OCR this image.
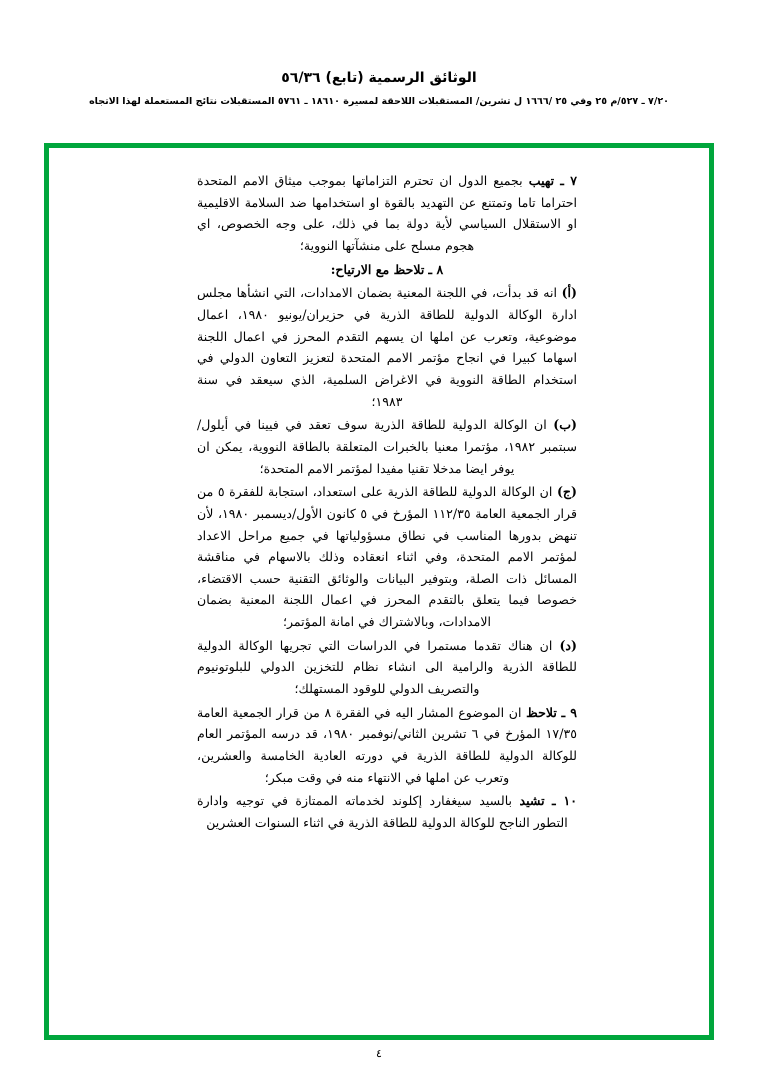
الوثائق الرسمية (تابع) ٥٦/٣٦
٧/٢٠ ـ ٥٢٧/م ٢٥ وفي ٢٥ /١٦٦٦ ل تشرين/ المستقبلات اللاحقة لمسيرة ١٨٦١٠ ـ ٥٧٦١ المستقبلات نتائج المستعملة لهذا الاتجاه

٧ ـ تهيب بجميع الدول ان تحترم التزاماتها بموجب ميثاق الامم المتحدة احتراما تاما وتمتنع عن التهديد بالقوة او استخدامها ضد السلامة الاقليمية او الاستقلال السياسي لأية دولة بما في ذلك، على وجه الخصوص، اي هجوم مسلح على منشآتها النووية؛

٨ ـ تلاحظ مع الارتياح:

(أ) انه قد بدأت، في اللجنة المعنية بضمان الامدادات، التي انشأها مجلس ادارة الوكالة الدولية للطاقة الذرية في حزيران/يونيو ١٩٨٠، اعمال موضوعية، وتعرب عن املها ان يسهم التقدم المحرز في اعمال اللجنة اسهاما كبيرا في انجاح مؤتمر الامم المتحدة لتعزيز التعاون الدولي في استخدام الطاقة النووية في الاغراض السلمية، الذي سيعقد في سنة ١٩٨٣؛

(ب) ان الوكالة الدولية للطاقة الذرية سوف تعقد في فيينا في أيلول/سبتمبر ١٩٨٢، مؤتمرا معنيا بالخبرات المتعلقة بالطاقة النووية، يمكن ان يوفر ايضا مدخلا تقنيا مفيدا لمؤتمر الامم المتحدة؛

(ج) ان الوكالة الدولية للطاقة الذرية على استعداد، استجابة للفقرة ٥ من قرار الجمعية العامة ١١٢/٣٥ المؤرخ في ٥ كانون الأول/ديسمبر ١٩٨٠، لأن تنهض بدورها المناسب في نطاق مسؤولياتها في جميع مراحل الاعداد لمؤتمر الامم المتحدة، وفي اثناء انعقاده وذلك بالاسهام في مناقشة المسائل ذات الصلة، وبتوفير البيانات والوثائق التقنية حسب الاقتضاء، خصوصا فيما يتعلق بالتقدم المحرز في اعمال اللجنة المعنية بضمان الامدادات، وبالاشتراك في امانة المؤتمر؛

(د) ان هناك تقدما مستمرا في الدراسات التي تجريها الوكالة الدولية للطاقة الذرية والرامية الى انشاء نظام للتخزين الدولي للبلوتونيوم والتصريف الدولي للوقود المستهلك؛

٩ ـ تلاحظ ان الموضوع المشار اليه في الفقرة ٨ من قرار الجمعية العامة ١٧/٣٥ المؤرخ في ٦ تشرين الثاني/نوفمبر ١٩٨٠، قد درسه المؤتمر العام للوكالة الدولية للطاقة الذرية في دورته العادية الخامسة والعشرين، وتعرب عن املها في الانتهاء منه في وقت مبكر؛

١٠ ـ تشيد بالسيد سيغفارد إكلوند لخدماته الممتازة في توجيه وادارة التطور الناجح للوكالة الدولية للطاقة الذرية في اثناء السنوات العشرين

٤
